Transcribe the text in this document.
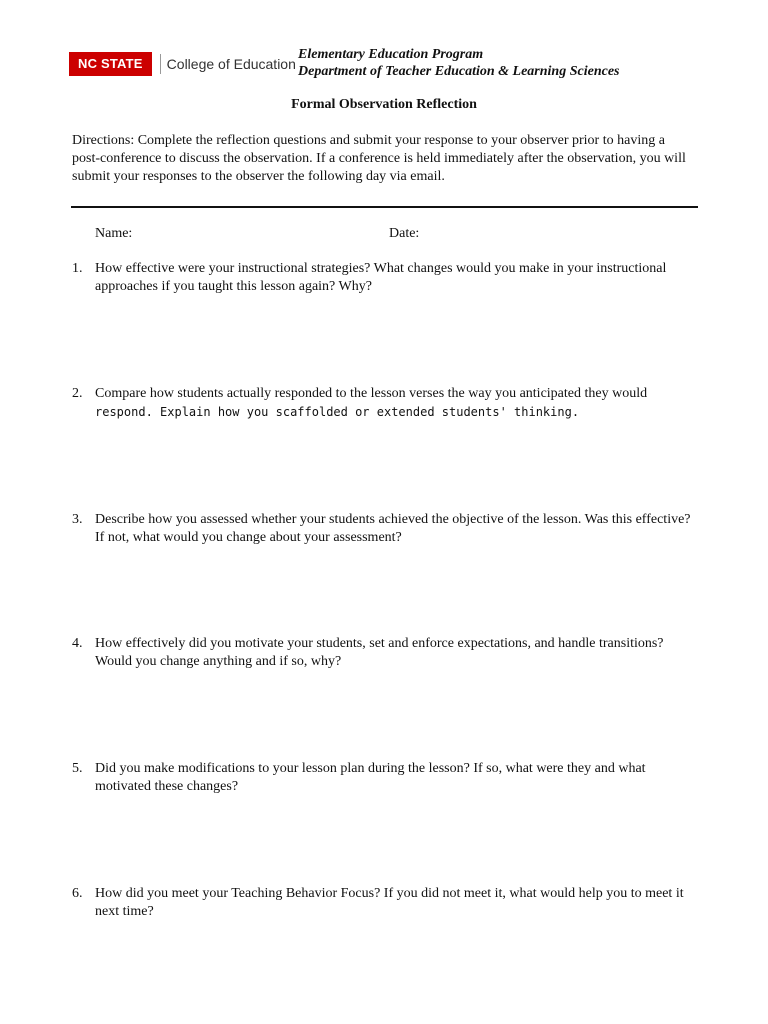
NC STATE	College of Education
Elementary Education Program
Department of Teacher Education & Learning Sciences
Formal Observation Reflection
Directions: Complete the reflection questions and submit your response to your observer prior to having a post-conference to discuss the observation. If a conference is held immediately after the observation, you will submit your responses to the observer the following day via email.
Name:	Date:
1. How effective were your instructional strategies? What changes would you make in your instructional approaches if you taught this lesson again? Why?
2. Compare how students actually responded to the lesson verses the way you anticipated they would
respond. Explain how you scaffolded or extended students' thinking.
3. Describe how you assessed whether your students achieved the objective of the lesson. Was this effective? If not, what would you change about your assessment?
4. How effectively did you motivate your students, set and enforce expectations, and handle transitions? Would you change anything and if so, why?
5. Did you make modifications to your lesson plan during the lesson? If so, what were they and what motivated these changes?
6. How did you meet your Teaching Behavior Focus? If you did not meet it, what would help you to meet it next time?
